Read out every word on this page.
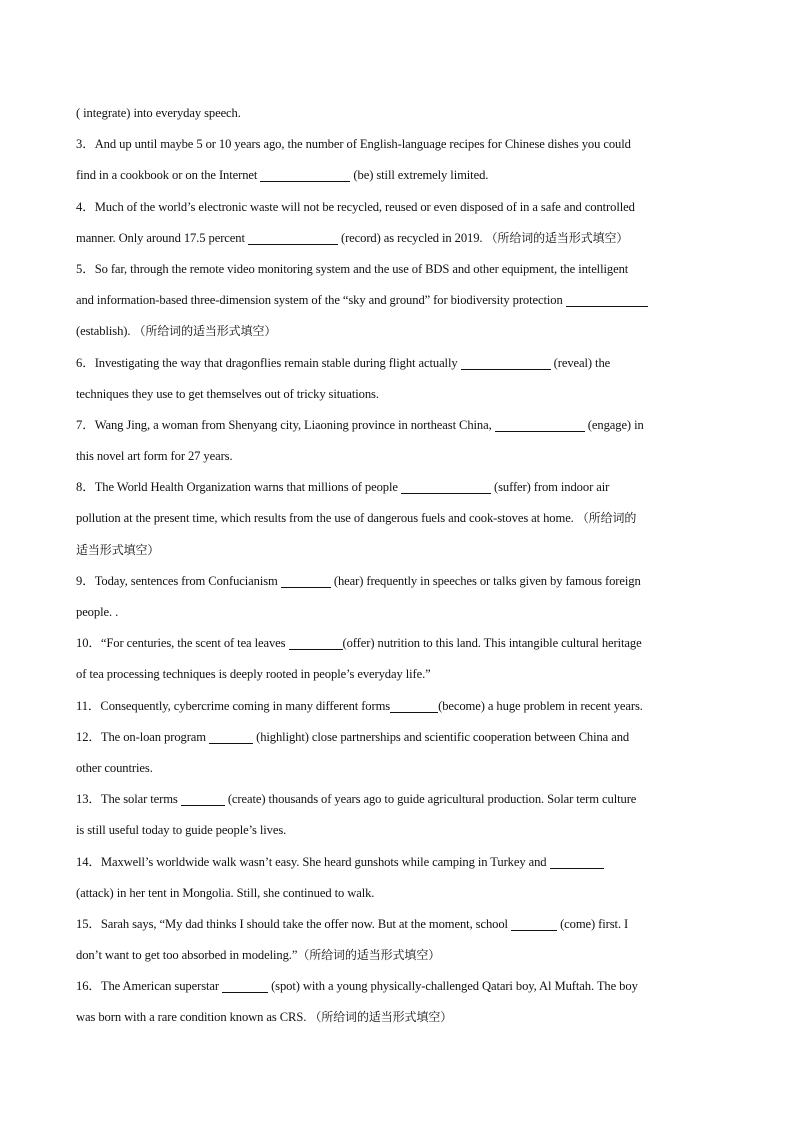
( integrate) into everyday speech.
3．And up until maybe 5 or 10 years ago, the number of English-language recipes for Chinese dishes you could
find in a cookbook or on the Internet	(be) still extremely limited.
4．Much of the world’s electronic waste will not be recycled, reused or even disposed of in a safe and controlled
manner. Only around 17.5 percent	(record) as recycled in 2019. （所给词的适当形式填空）
5．So far, through the remote video monitoring system and the use of BDS and other equipment, the intelligent
and information-based three-dimension system of the “sky and ground” for biodiversity protection
(establish). （所给词的适当形式填空）
6．Investigating the way that dragonflies remain stable during flight actually	(reveal) the
techniques they use to get themselves out of tricky situations.
7．Wang Jing, a woman from Shenyang city, Liaoning province in northeast China,	(engage) in
this novel art form for 27 years.
8．The World Health Organization warns that millions of people	(suffer) from indoor air
pollution at the present time, which results from the use of dangerous fuels and cook-stoves at home. （所给词的
适当形式填空）
9．Today, sentences from Confucianism	(hear) frequently in speeches or talks given by famous foreign
people. .
10．“For centuries, the scent of tea leaves	(offer) nutrition to this land. This intangible cultural heritage
of tea processing techniques is deeply rooted in people’s everyday life.”
11．Consequently, cybercrime coming in many different forms	(become) a huge problem in recent years.
12．The on-loan program	(highlight) close partnerships and scientific cooperation between China and
other countries.
13．The solar terms	(create) thousands of years ago to guide agricultural production. Solar term culture
is still useful today to guide people’s lives.
14．Maxwell’s worldwide walk wasn’t easy. She heard gunshots while camping in Turkey and
(attack) in her tent in Mongolia. Still, she continued to walk.
15．Sarah says, “My dad thinks I should take the offer now. But at the moment, school	(come) first. I
don’t want to get too absorbed in modeling.”（所给词的适当形式填空）
16．The American superstar	(spot) with a young physically-challenged Qatari boy, Al Muftah. The boy
was born with a rare condition known as CRS. （所给词的适当形式填空）
